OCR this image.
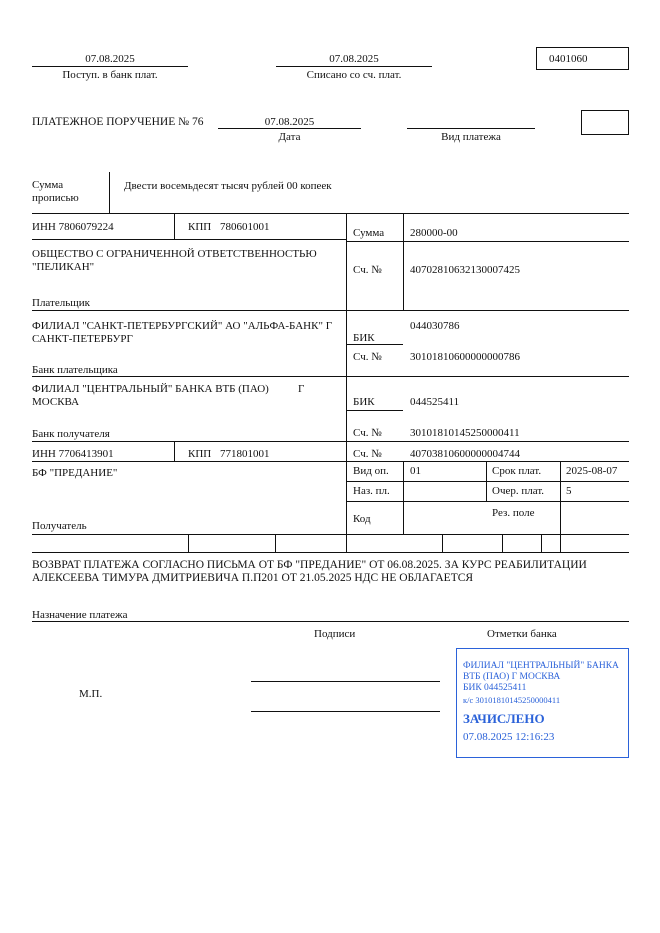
07.08.2025
Поступ. в банк плат.
07.08.2025
Списано со сч. плат.
0401060
ПЛАТЕЖНОЕ ПОРУЧЕНИЕ № 76	07.08.2025
Дата	Вид платежа
Сумма
прописью
Двести восемьдесят тысяч рублей 00 копеек
ИНН 7806079224	КПП 780601001	Сумма 280000-00
ОБЩЕСТВО С ОГРАНИЧЕННОЙ ОТВЕТСТВЕННОСТЬЮ
"ПЕЛИКАН"
Плательщик
Сч. №	40702810632130007425
ФИЛИАЛ "САНКТ-ПЕТЕРБУРГСКИЙ" АО "АЛЬФА-БАНК" Г
САНКТ-ПЕТЕРБУРГ
Банк плательщика
БИК
044030786
Сч. №	30101810600000000786
ФИЛИАЛ "ЦЕНТРАЛЬНЫЙ" БАНКА ВТБ (ПАО)	Г
МОСКВА
Банк получателя
БИК	044525411
Сч. №	30101810145250000411
ИНН 7706413901	КПП 771801001	Сч. №	40703810600000004744
БФ "ПРЕДАНИЕ"
Получатель
Вид оп. 01	Срок плат. 2025-08-07
Наз. пл.	Очер. плат. 5
Код	Рез. поле
ВОЗВРАТ ПЛАТЕЖА СОГЛАСНО ПИСЬМА ОТ БФ "ПРЕДАНИЕ" ОТ 06.08.2025. ЗА КУРС РЕАБИЛИТАЦИИ
АЛЕКСЕЕВА ТИМУРА ДМИТРИЕВИЧА П.П201 ОТ 21.05.2025 НДС НЕ ОБЛАГАЕТСЯ
Назначение платежа
Подписи	Отметки банка
М.П.
ФИЛИАЛ "ЦЕНТРАЛЬНЫЙ" БАНКА
ВТБ (ПАО) Г МОСКВА
БИК 044525411
к/с 30101810145250000411
ЗАЧИСЛЕНО
07.08.2025 12:16:23
